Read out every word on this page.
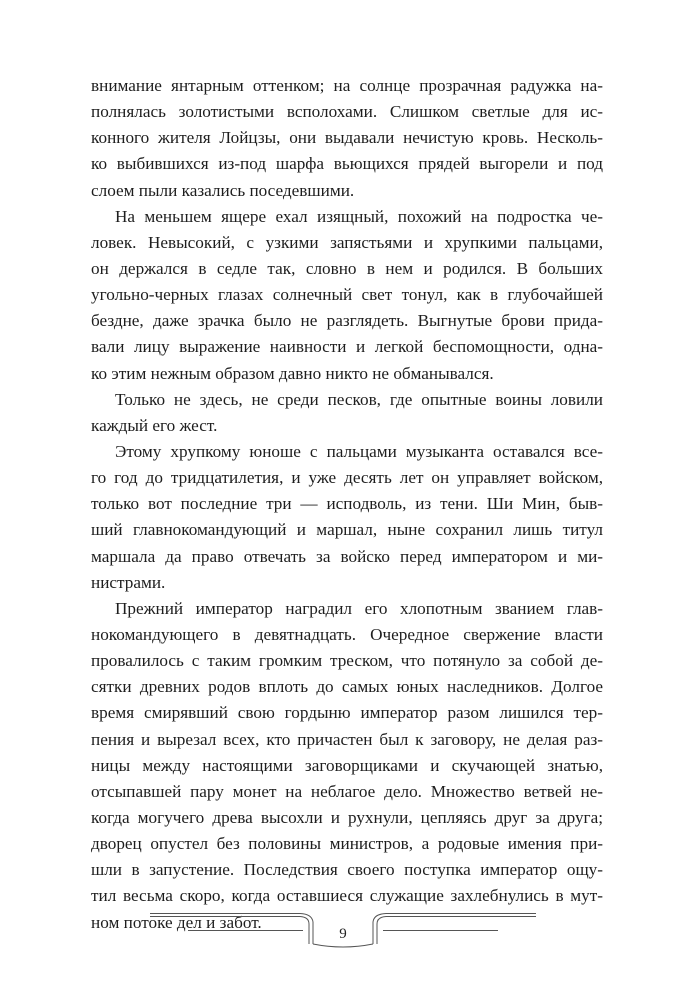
внимание янтарным оттенком; на солнце прозрачная радужка на-
полнялась золотистыми всполохами. Слишком светлые для ис-
конного жителя Лойцзы, они выдавали нечистую кровь. Несколь-
ко выбившихся из-под шарфа вьющихся прядей выгорели и под
слоем пыли казались поседевшими.
На меньшем ящере ехал изящный, похожий на подростка че-
ловек. Невысокий, с узкими запястьями и хрупкими пальцами,
он держался в седле так, словно в нем и родился. В больших
угольно-черных глазах солнечный свет тонул, как в глубочайшей
бездне, даже зрачка было не разглядеть. Выгнутые брови прида-
вали лицу выражение наивности и легкой беспомощности, одна-
ко этим нежным образом давно никто не обманывался.
Только не здесь, не среди песков, где опытные воины ловили
каждый его жест.
Этому хрупкому юноше с пальцами музыканта оставался все-
го год до тридцатилетия, и уже десять лет он управляет войском,
только вот последние три — исподволь, из тени. Ши Мин, быв-
ший главнокомандующий и маршал, ныне сохранил лишь титул
маршала да право отвечать за войско перед императором и ми-
нистрами.
Прежний император наградил его хлопотным званием глав-
нокомандующего в девятнадцать. Очередное свержение власти
провалилось с таким громким треском, что потянуло за собой де-
сятки древних родов вплоть до самых юных наследников. Долгое
время смирявший свою гордыню император разом лишился тер-
пения и вырезал всех, кто причастен был к заговору, не делая раз-
ницы между настоящими заговорщиками и скучающей знатью,
отсыпавшей пару монет на неблагое дело. Множество ветвей не-
когда могучего древа высохли и рухнули, цепляясь друг за друга;
дворец опустел без половины министров, а родовые имения при-
шли в запустение. Последствия своего поступка император ощу-
тил весьма скоро, когда оставшиеся служащие захлебнулись в мут-
ном потоке дел и забот.
9
